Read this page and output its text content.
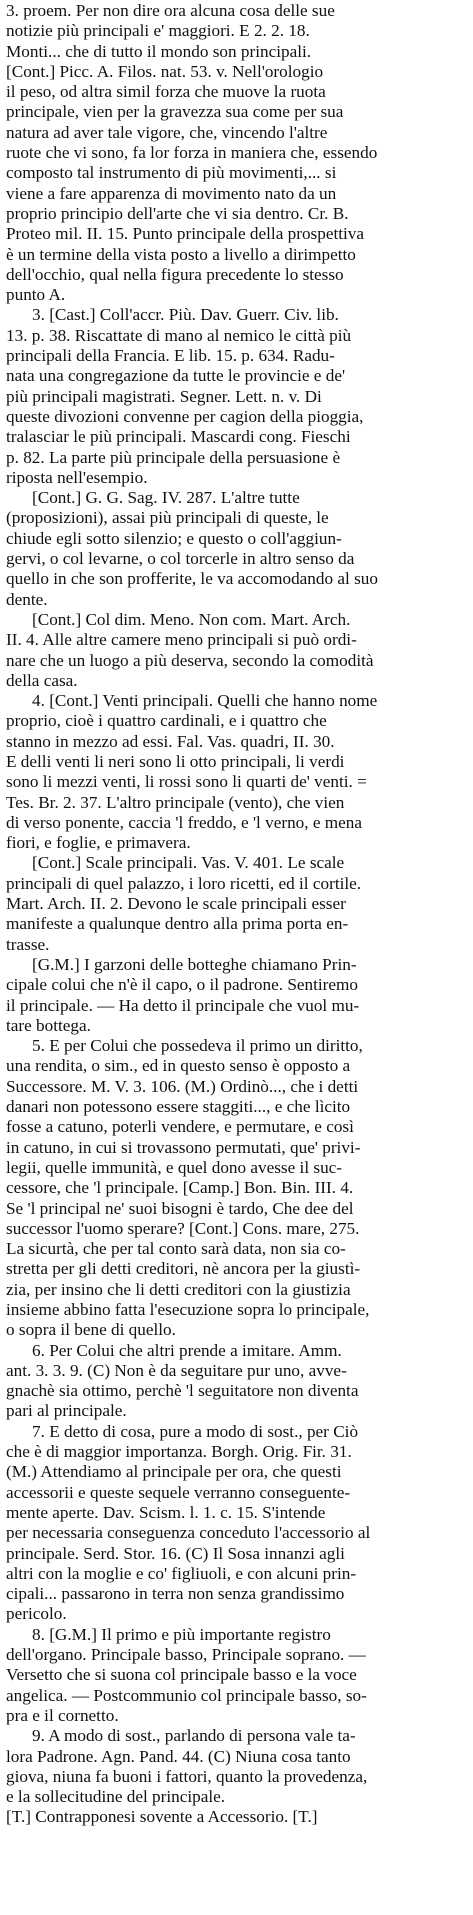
3. proem. Per non dire ora alcuna cosa delle sue
notizie più principali e' maggiori. E 2. 2. 18.
Monti... che di tutto il mondo son principali.
[Cont.] Picc. A. Filos. nat. 53. v. Nell'orologio
il peso, od altra simil forza che muove la ruota
principale, vien per la gravezza sua come per sua
natura ad aver tale vigore, che, vincendo l'altre
ruote che vi sono, fa lor forza in maniera che, essendo
composto tal instrumento di più movimenti,... si
viene a fare apparenza di movimento nato da un
proprio principio dell'arte che vi sia dentro. Cr. B.
Proteo mil. II. 15. Punto principale della prospettiva
è un termine della vista posto a livello a dirimpetto
dell'occhio, qual nella figura precedente lo stesso
punto A.

3. [Cast.] Coll'accr. Più. Dav. Guerr. Civ. lib.
13. p. 38. Riscattate di mano al nemico le città più
principali della Francia. E lib. 15. p. 634. Radu-
nata una congregazione da tutte le provincie e de'
più principali magistrati. Segner. Lett. n. v. Di
queste divozioni convenne per cagion della pioggia,
tralasciar le più principali. Mascardi cong. Fieschi
p. 82. La parte più principale della persuasione è
riposta nell'esempio.

[Cont.] G. G. Sag. IV. 287. L'altre tutte
(proposizioni), assai più principali di queste, le
chiude egli sotto silenzio; e questo o coll'aggiun-
gervi, o col levarne, o col torcerle in altro senso da
quello in che son profferite, le va accomodando al suo
dente.

[Cont.] Col dim. Meno. Non com. Mart. Arch.
II. 4. Alle altre camere meno principali si può ordi-
nare che un luogo a più deserva, secondo la comodità
della casa.

4. [Cont.] Venti principali. Quelli che hanno nome
proprio, cioè i quattro cardinali, e i quattro che
stanno in mezzo ad essi. Fal. Vas. quadri, II. 30.
E delli venti li neri sono li otto principali, li verdi
sono li mezzi venti, li rossi sono li quarti de' venti. =
Tes. Br. 2. 37. L'altro principale (vento), che vien
di verso ponente, caccia 'l freddo, e 'l verno, e mena
fiori, e foglie, e primavera.

[Cont.] Scale principali. Vas. V. 401. Le scale
principali di quel palazzo, i loro ricetti, ed il cortile.
Mart. Arch. II. 2. Devono le scale principali esser
manifeste a qualunque dentro alla prima porta en-
trasse.

[G.M.] I garzoni delle botteghe chiamano Prin-
cipale colui che n'è il capo, o il padrone. Sentiremo
il principale. — Ha detto il principale che vuol mu-
tare bottega.

5. E per Colui che possedeva il primo un diritto,
una rendita, o sim., ed in questo senso è opposto a
Successore. M. V. 3. 106. (M.) Ordinò..., che i detti
danari non potessono essere staggiti..., e che lìcito
fosse a catuno, poterli vendere, e permutare, e così
in catuno, in cui si trovassono permutati, que' privi-
legii, quelle immunità, e quel dono avesse il suc-
cessore, che 'l principale. [Camp.] Bon. Bin. III. 4.
Se 'l principal ne' suoi bisogni è tardo, Che dee del
successor l'uomo sperare? [Cont.] Cons. mare, 275.
La sicurtà, che per tal conto sarà data, non sia co-
stretta per gli detti creditori, nè ancora per la giustì-
zia, per insino che li detti creditori con la giustizia
insieme abbino fatta l'esecuzione sopra lo principale,
o sopra il bene di quello.

6. Per Colui che altri prende a imitare. Amm.
ant. 3. 3. 9. (C) Non è da seguitare pur uno, avve-
gnachè sia ottimo, perchè 'l seguitatore non diventa
pari al principale.

7. E detto di cosa, pure a modo di sost., per Ciò
che è di maggior importanza. Borgh. Orig. Fir. 31.
(M.) Attendiamo al principale per ora, che questi
accessorii e queste sequele verranno conseguente-
mente aperte. Dav. Scism. l. 1. c. 15. S'intende
per necessaria conseguenza conceduto l'accessorio al
principale. Serd. Stor. 16. (C) Il Sosa innanzi agli
altri con la moglie e co' figliuoli, e con alcuni prin-
cipali... passarono in terra non senza grandissimo
pericolo.

8. [G.M.] Il primo e più importante registro
dell'organo. Principale basso, Principale soprano. —
Versetto che si suona col principale basso e la voce
angelica. — Postcommunio col principale basso, so-
pra e il cornetto.

9. A modo di sost., parlando di persona vale ta-
lora Padrone. Agn. Pand. 44. (C) Niuna cosa tanto
giova, niuna fa buoni i fattori, quanto la provedenza,
e la sollecitudine del principale.

[T.] Contrapponesi sovente a Accessorio. [T.]
